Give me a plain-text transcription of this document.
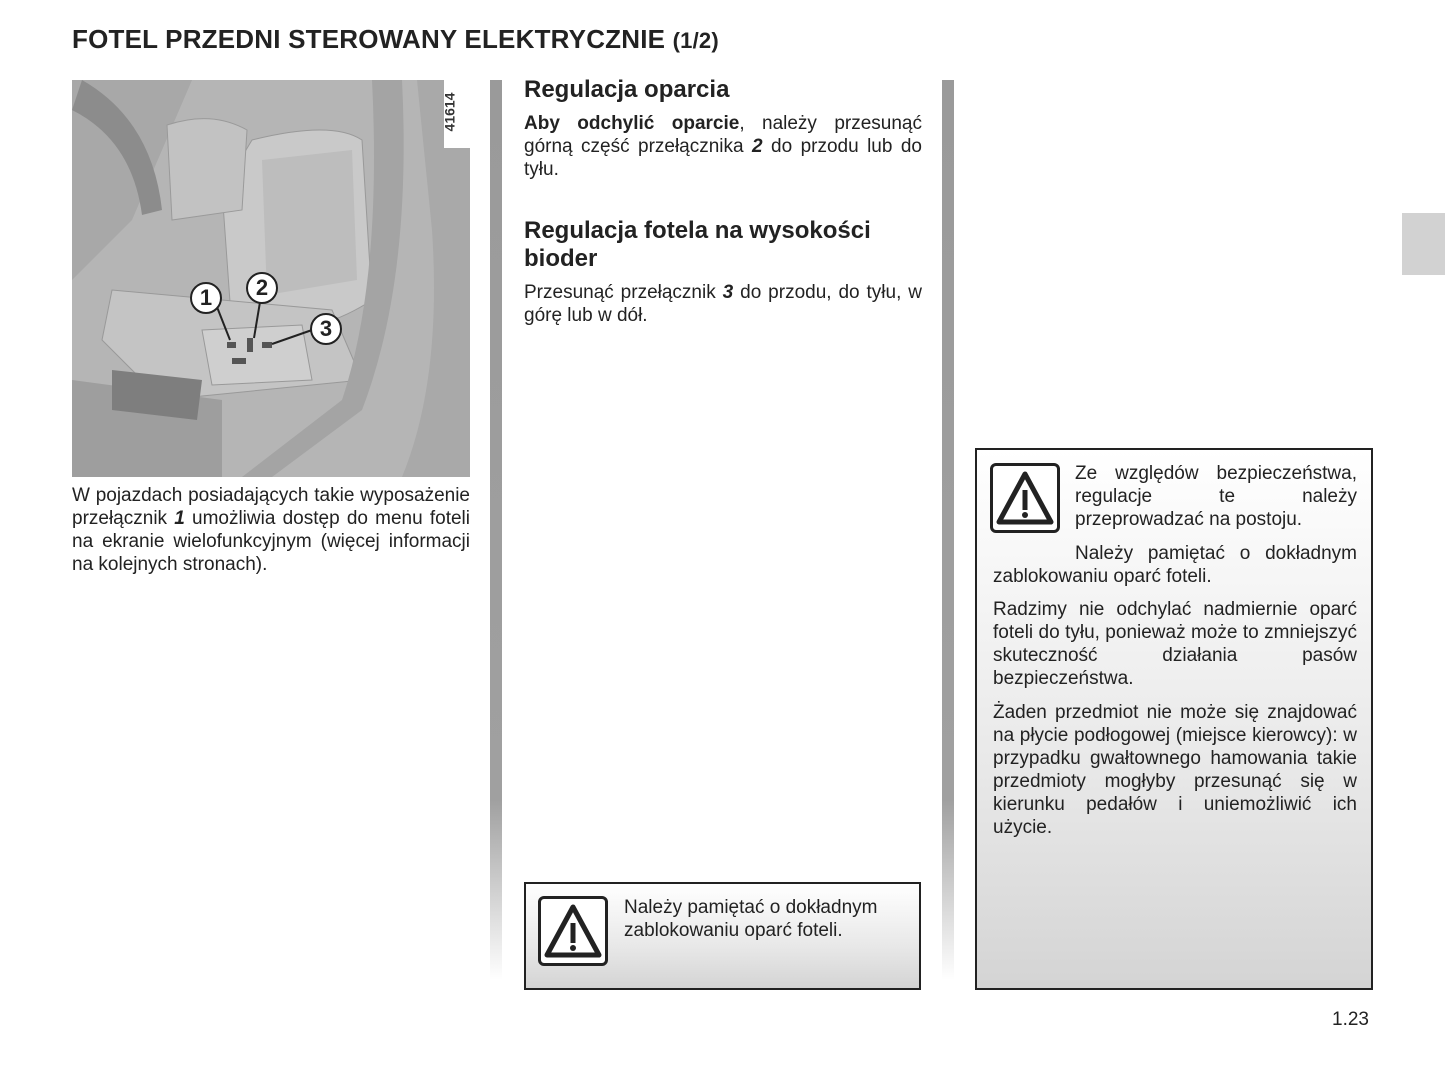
FOTEL PRZEDNI STEROWANY ELEKTRYCZNIE (1/2)
1	2
3
41614

W pojazdach posiadających takie wyposażenie przełącznik 1 umożliwia dostęp do menu foteli na ekranie wielofunkcyjnym (więcej informacji na kolejnych stronach).

Regulacja oparcia

Aby odchylić oparcie, należy przesunąć górną część przełącznika 2 do przodu lub do tyłu.

Regulacja fotela na wysokości bioder

Przesunąć przełącznik 3 do przodu, do tyłu, w górę lub w dół.

Należy pamiętać o dokładnym zablokowaniu oparć foteli.

Ze względów bezpieczeństwa, regulacje te należy przeprowadzać na postoju.

Należy pamiętać o dokładnym zablokowaniu oparć foteli.

Radzimy nie odchylać nadmiernie oparć foteli do tyłu, ponieważ może to zmniejszyć skuteczność działania pasów bezpieczeństwa.

Żaden przedmiot nie może się znajdować na płycie podłogowej (miejsce kierowcy): w przypadku gwałtownego hamowania takie przedmioty mogłyby przesunąć się w kierunku pedałów i uniemożliwić ich użycie.

1.23
